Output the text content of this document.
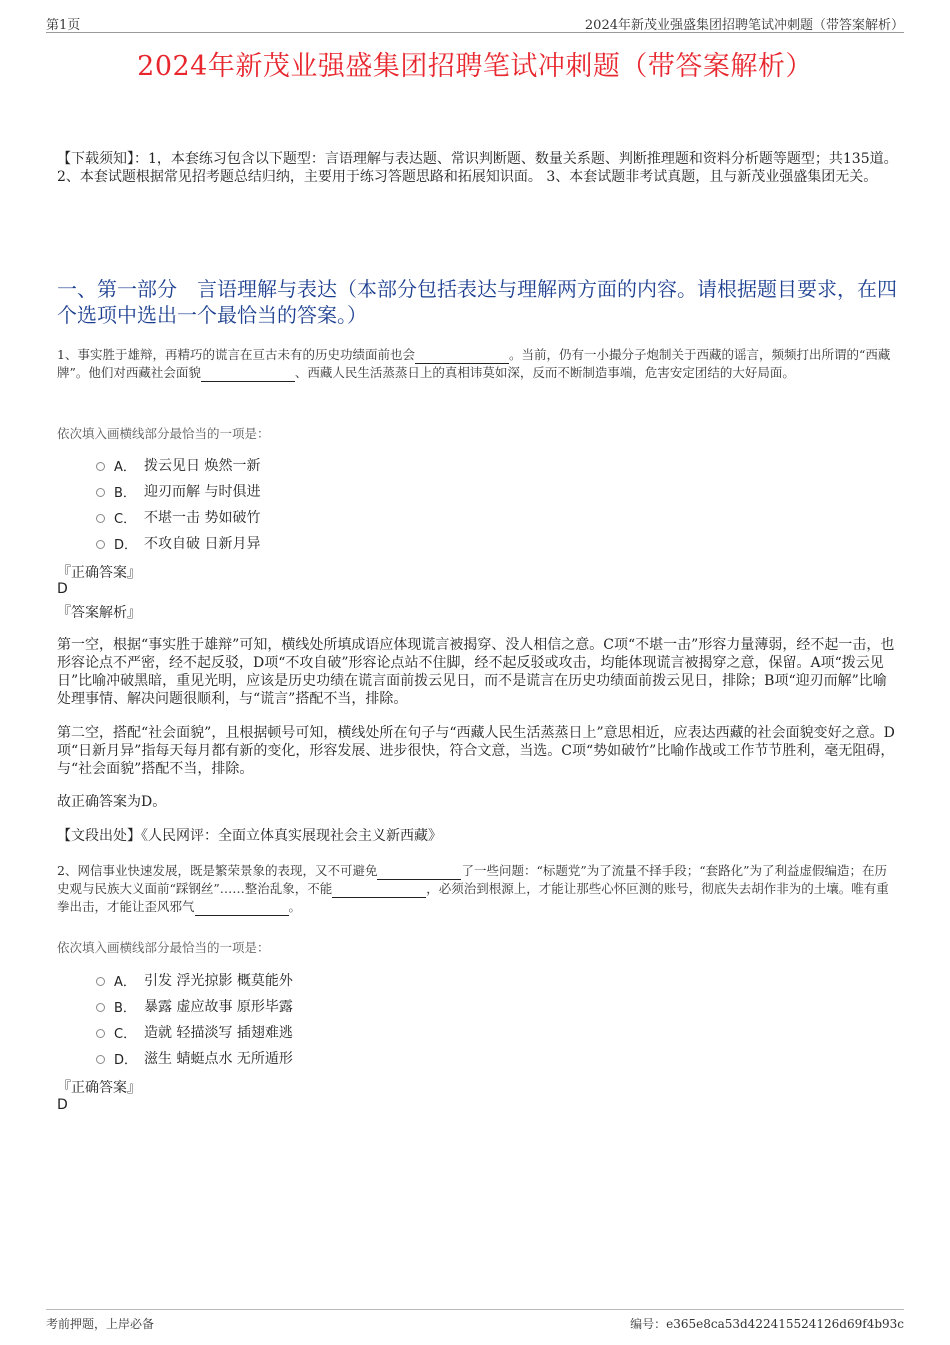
第1页	2024年新茂业强盛集团招聘笔试冲刺题（带答案解析）
2024年新茂业强盛集团招聘笔试冲刺题（带答案解析）
【下载须知】：1，本套练习包含以下题型：言语理解与表达题、常识判断题、数量关系题、判断推理题和资料分析题等题型；共135道。 2、本套试题根据常见招考题总结归纳，主要用于练习答题思路和拓展知识面。 3、本套试题非考试真题，且与新茂业强盛集团无关。
一、第一部分　言语理解与表达（本部分包括表达与理解两方面的内容。请根据题目要求，在四个选项中选出一个最恰当的答案。）
1、事实胜于雄辩，再精巧的谎言在亘古未有的历史功绩面前也会	。当前，仍有一小撮分子炮制关于西藏的谣言，频频打出所谓的“西藏牌”。他们对西藏社会面貌	、西藏人民生活蒸蒸日上的真相讳莫如深，反而不断制造事端，危害安定团结的大好局面。
依次填入画横线部分最恰当的一项是：
A． 拨云见日 焕然一新
B． 迎刃而解 与时俱进
C． 不堪一击 势如破竹
D． 不攻自破 日新月异
『正确答案』
D
『答案解析』
第一空，根据“事实胜于雄辩”可知，横线处所填成语应体现谎言被揭穿、没人相信之意。C项“不堪一击”形容力量薄弱，经不起一击，也形容论点不严密，经不起反驳，D项“不攻自破”形容论点站不住脚，经不起反驳或攻击，均能体现谎言被揭穿之意，保留。A项“拨云见日”比喻冲破黑暗，重见光明，应该是历史功绩在谎言面前拨云见日，而不是谎言在历史功绩面前拨云见日，排除；B项“迎刃而解”比喻处理事情、解决问题很顺利，与“谎言”搭配不当，排除。
第二空，搭配“社会面貌”，且根据顿号可知，横线处所在句子与“西藏人民生活蒸蒸日上”意思相近，应表达西藏的社会面貌变好之意。D项“日新月异”指每天每月都有新的变化，形容发展、进步很快，符合文意，当选。C项“势如破竹”比喻作战或工作节节胜利，毫无阻碍，与“社会面貌”搭配不当，排除。
故正确答案为D。
【文段出处】《人民网评：全面立体真实展现社会主义新西藏》
2、网信事业快速发展，既是繁荣景象的表现，又不可避免	了一些问题：“标题党”为了流量不择手段；“套路化”为了利益虚假编造；在历史观与民族大义面前“踩钢丝”……整治乱象，不能	，必须治到根源上，才能让那些心怀叵测的账号，彻底失去胡作非为的土壤。唯有重拳出击，才能让歪风邪气	。
依次填入画横线部分最恰当的一项是：
A． 引发 浮光掠影 概莫能外
B． 暴露 虚应故事 原形毕露
C． 造就 轻描淡写 插翅难逃
D． 滋生 蜻蜓点水 无所遁形
『正确答案』
D
考前押题，上岸必备	编号：e365e8ca53d422415524126d69f4b93c
